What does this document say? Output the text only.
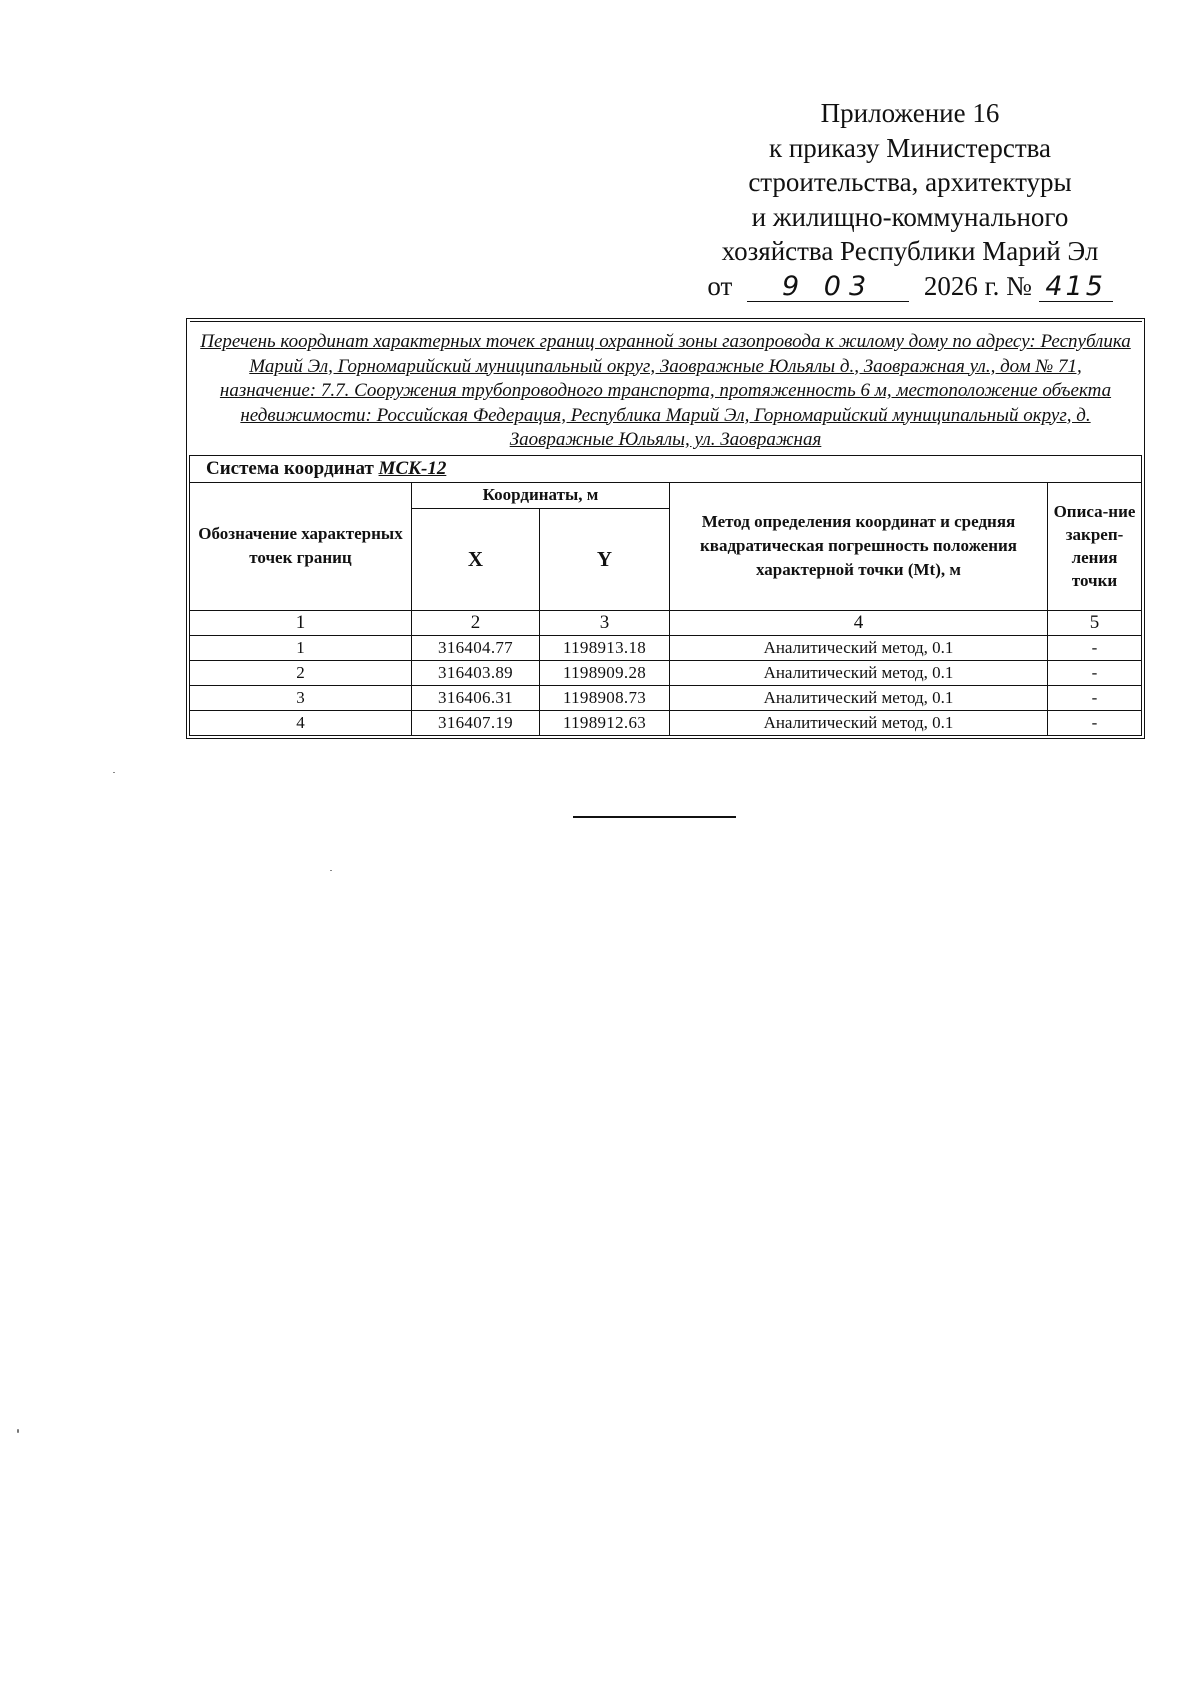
Приложение 16
к приказу Министерства
строительства, архитектуры
и жилищно-коммунального
хозяйства Республики Марий Эл
от 9 03 2026 г. № 415
Перечень координат характерных точек границ охранной зоны газопровода к жилому дому по адресу: Республика Марий Эл, Горномарийский муниципальный округ, Заовражные Юльялы д., Заовражная ул., дом № 71, назначение: 7.7. Сооружения трубопроводного транспорта, протяженность 6 м, местоположение объекта недвижимости: Российская Федерация, Республика Марий Эл, Горномарийский муниципальный округ, д. Заовражные Юльялы, ул. Заовражная				
Система координат МСК-12				
Обозначение характерных точек границ	Координаты, м		Метод определения координат и средняя квадратическая погрешность положения характерной точки (Mt), м	Описа-ние закреп-ления точки
	X	Y		
1	2	3	4	5
1	316404.77	1198913.18	Аналитический метод, 0.1	-
2	316403.89	1198909.28	Аналитический метод, 0.1	-
3	316406.31	1198908.73	Аналитический метод, 0.1	-
4	316407.19	1198912.63	Аналитический метод, 0.1	-
